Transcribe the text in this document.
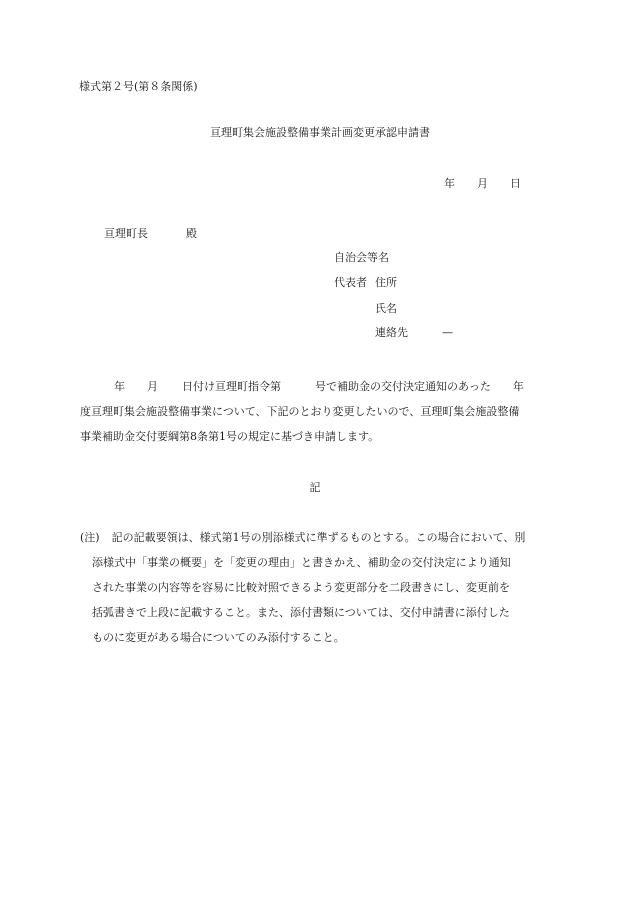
様式第２号(第８条関係)
亘理町集会施設整備事業計画変更承認申請書
年 月 日
亘理町長	殿
自治会等名
代表者 住所
氏名
連絡先	—
年 月 日付け亘理町指令第	号で補助金の交付決定通知のあった 年
度亘理町集会施設整備事業について、下記のとおり変更したいので、亘理町集会施設整備
事業補助金交付要綱第8条第1号の規定に基づき申請します。
記
(注) 記の記載要領は、様式第1号の別添様式に準ずるものとする。この場合において、別
添様式中「事業の概要」を「変更の理由」と書きかえ、補助金の交付決定により通知
された事業の内容等を容易に比較対照できるよう変更部分を二段書きにし、変更前を
括弧書きで上段に記載すること。また、添付書類については、交付申請書に添付した
ものに変更がある場合についてのみ添付すること。
